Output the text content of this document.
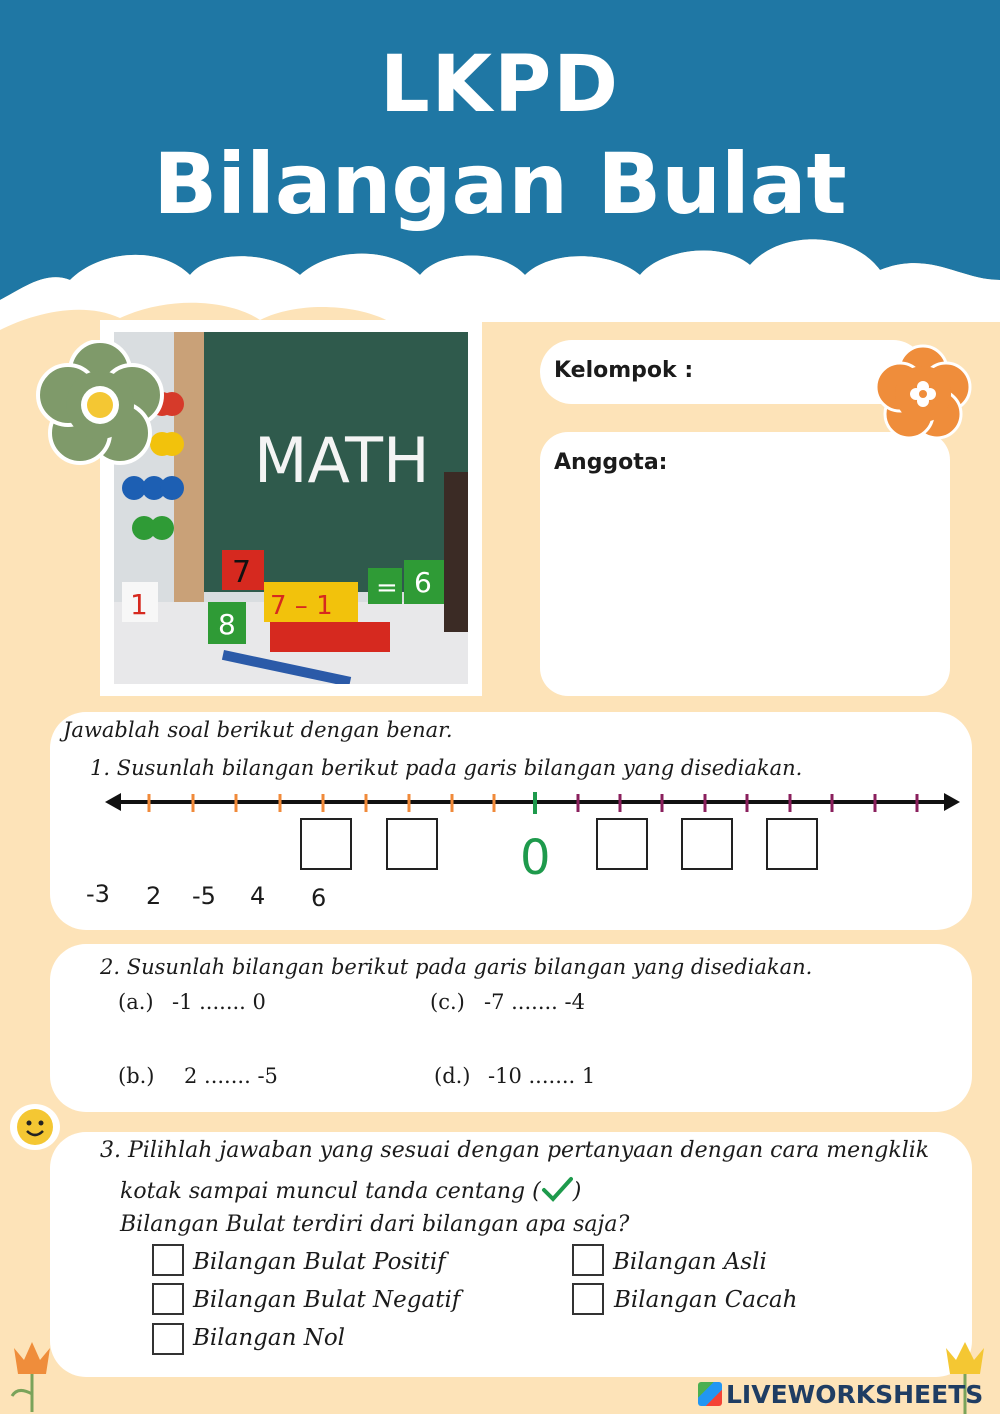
LKPD
Bilangan Bulat
MATH
7
1	7 – 1
= 6
8
Kelompok :
Anggota:
Jawablah soal berikut dengan benar.
1. Susunlah bilangan berikut pada garis bilangan yang disediakan.
0
-3 2 -5 4 6
2. Susunlah bilangan berikut pada garis bilangan yang disediakan.
(a.) -1 ....... 0	(c.) -7 ....... -4
(b.) 2 ....... -5	(d.) -10 ....... 1
3. Pilihlah jawaban yang sesuai dengan pertanyaan dengan cara mengklik
kotak sampai muncul tanda centang ( )
Bilangan Bulat terdiri dari bilangan apa saja?
Bilangan Bulat Positif	Bilangan Asli
Bilangan Bulat Negatif	Bilangan Cacah
Bilangan Nol
LIVEWORKSHEETS
